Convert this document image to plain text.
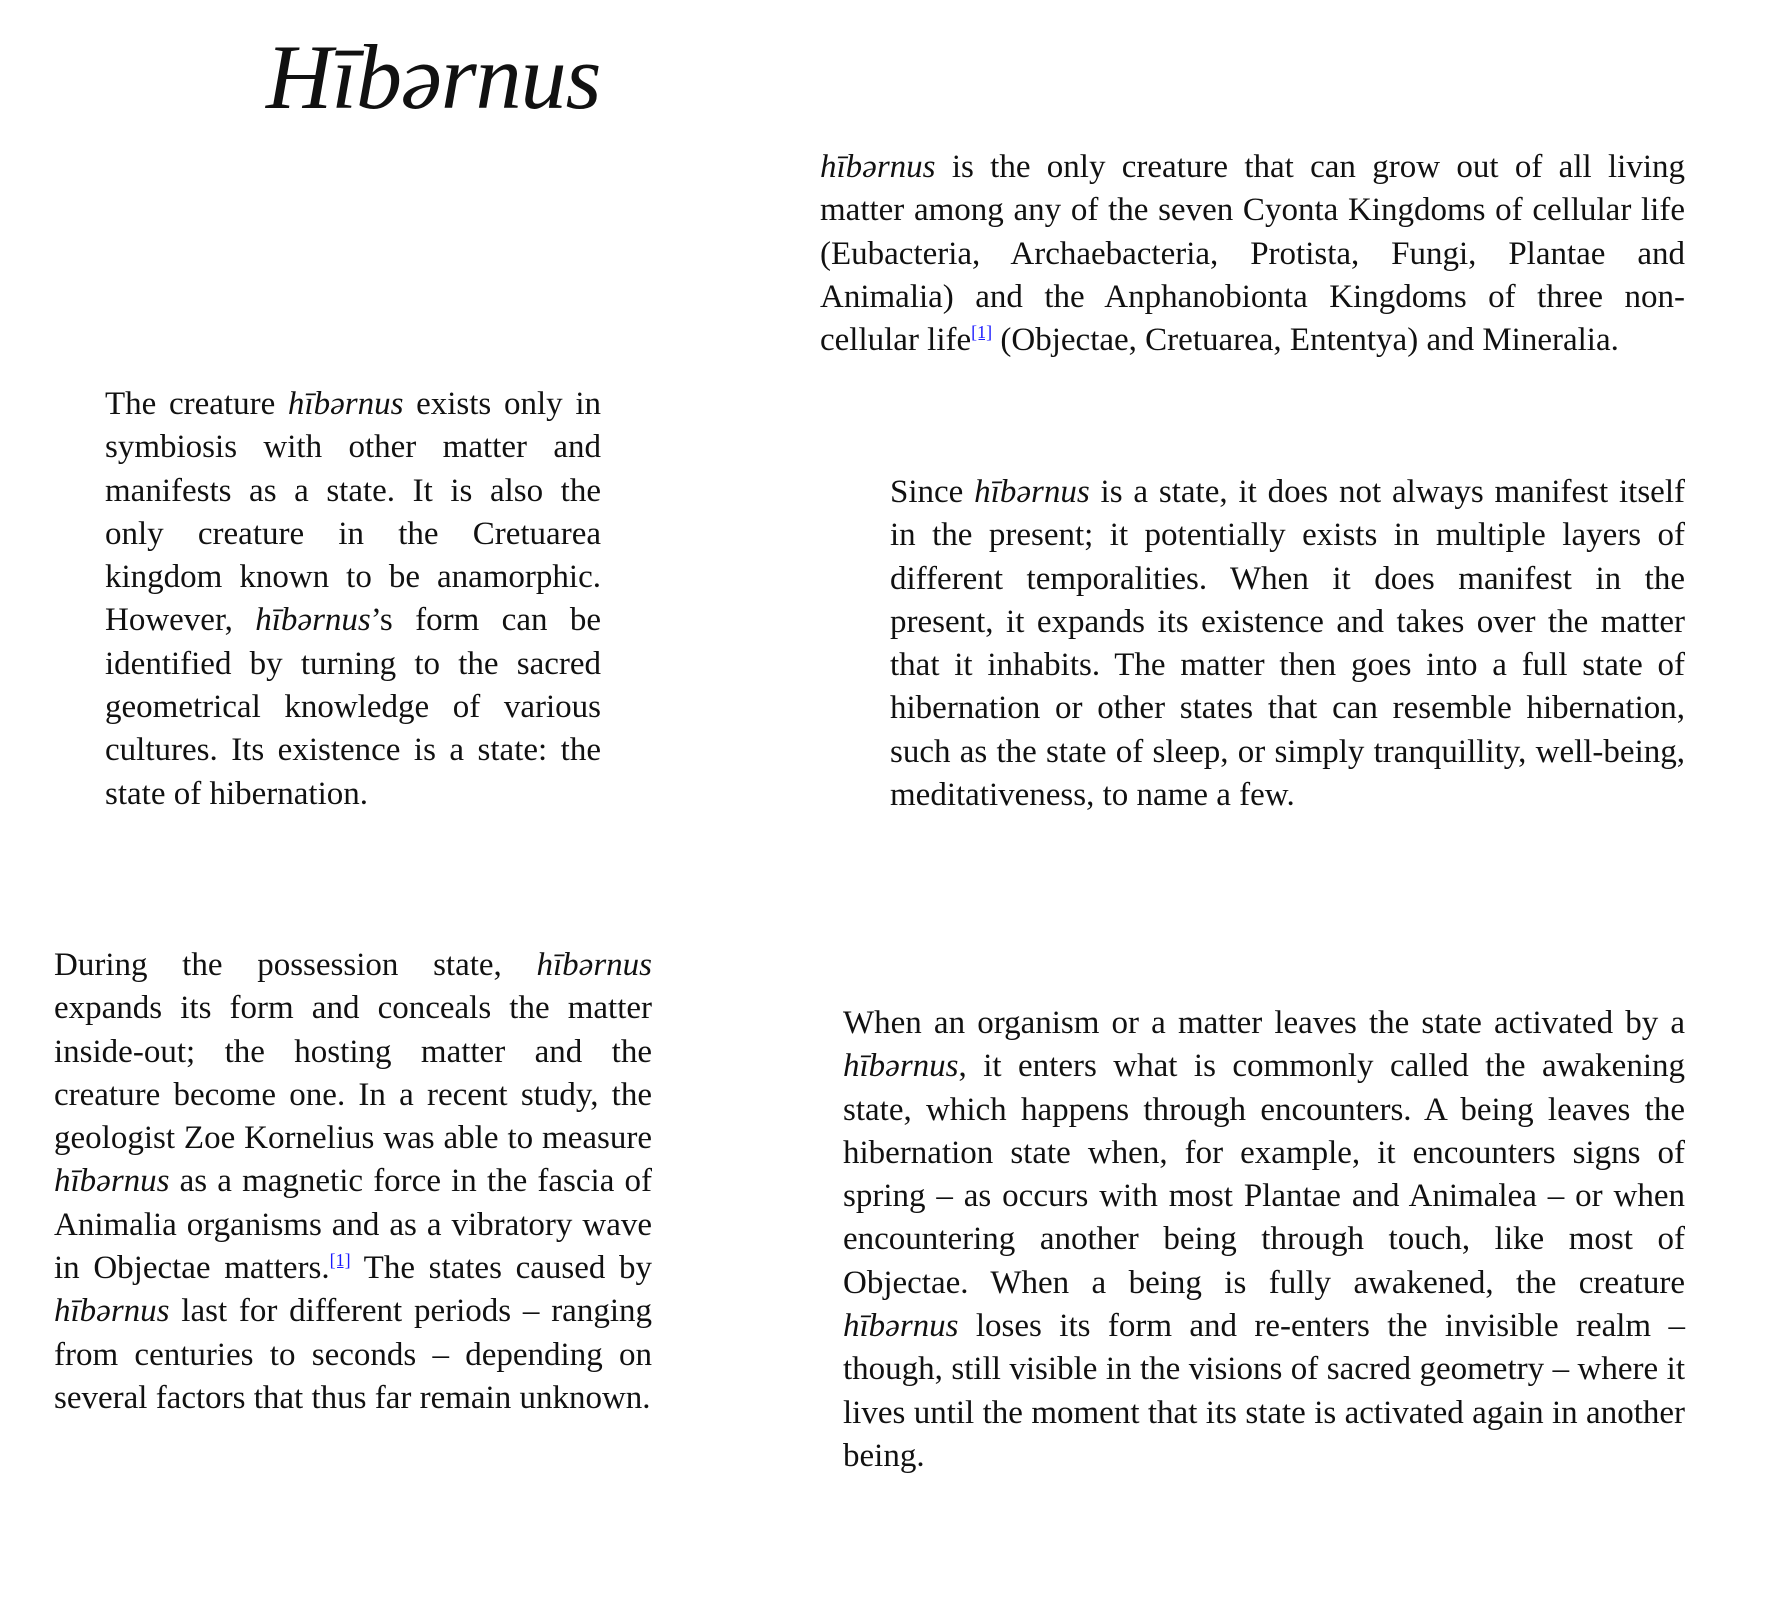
Hībərnus

hībərnus is the only creature that can grow out of all living matter among any of the seven Cyonta Kingdoms of cellular life (Eubacteria, Archaebacteria, Protista, Fungi, Plantae and Animalia) and the Anphanobionta Kingdoms of three non-cellular life[1] (Objectae, Cretuarea, Ententya) and Mineralia.

The creature hībərnus exists only in symbiosis with other matter and manifests as a state. It is also the only creature in the Cretuarea kingdom known to be anamorphic. However, hībərnus’s form can be identified by turning to the sacred geometrical knowledge of various cultures. Its existence is a state: the state of hibernation.

Since hībərnus is a state, it does not always manifest itself in the present; it potentially exists in multiple layers of different temporalities. When it does manifest in the present, it expands its existence and takes over the matter that it inhabits. The matter then goes into a full state of hibernation or other states that can resemble hibernation, such as the state of sleep, or simply tranquillity, well-being, meditativeness, to name a few.

During the possession state, hībərnus expands its form and conceals the matter inside-out; the hosting matter and the creature become one. In a recent study, the geologist Zoe Kornelius was able to measure hībərnus as a magnetic force in the fascia of Animalia organisms and as a vibratory wave in Objectae matters.[1] The states caused by hībərnus last for different periods – ranging from centuries to seconds – depending on several factors that thus far remain unknown.

When an organism or a matter leaves the state activated by a hībərnus, it enters what is commonly called the awakening state, which happens through encounters. A being leaves the hibernation state when, for example, it encounters signs of spring – as occurs with most Plantae and Animalea – or when encountering another being through touch, like most of Objectae. When a being is fully awakened, the creature hībərnus loses its form and re-enters the invisible realm – though, still visible in the visions of sacred geometry – where it lives until the moment that its state is activated again in another being.
